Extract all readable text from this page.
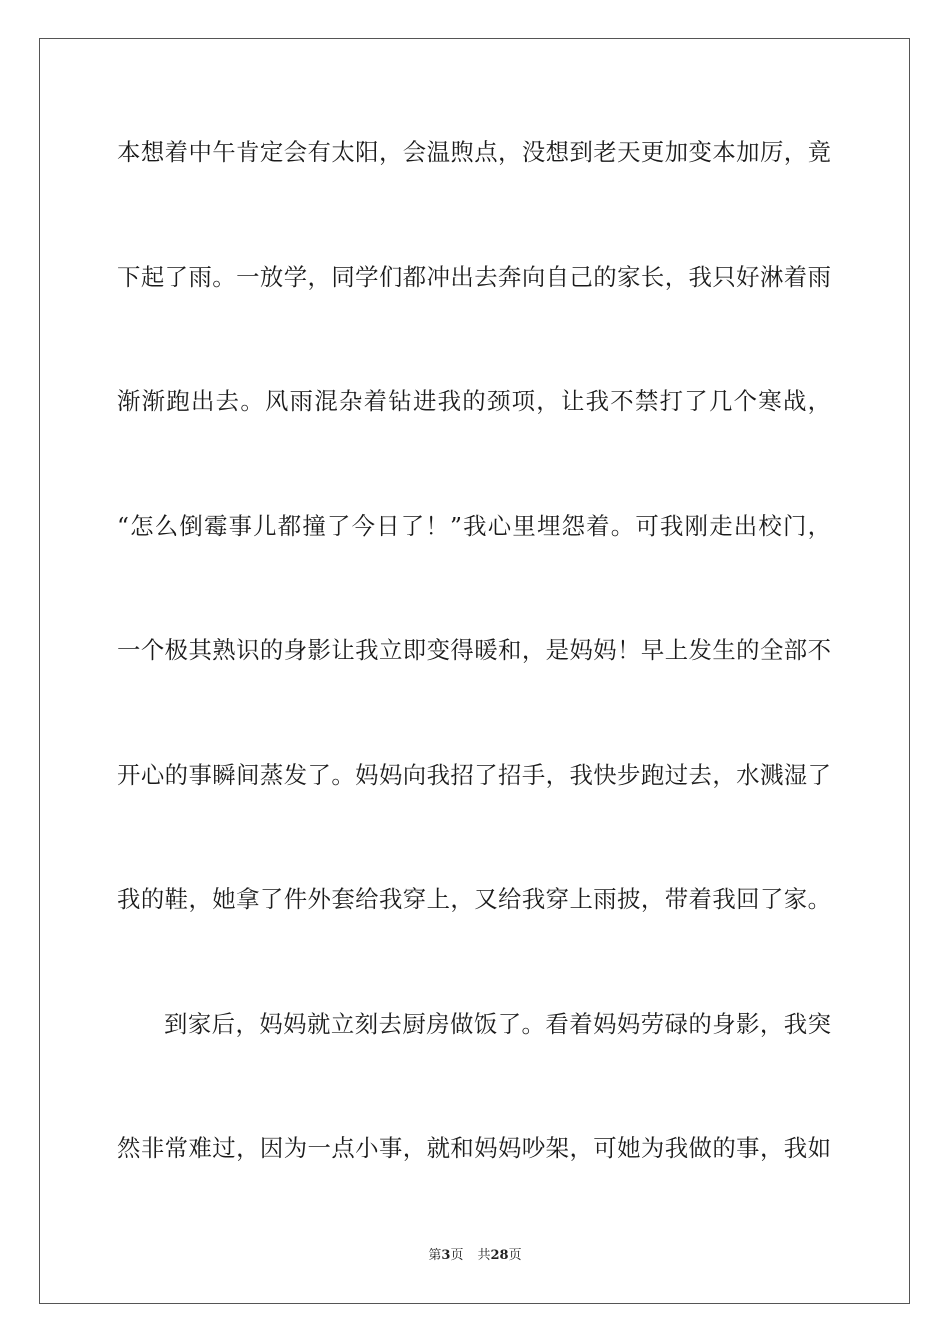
本想着中午肯定会有太阳，会温煦点，没想到老天更加变本加厉，竟
下起了雨。一放学，同学们都冲出去奔向自己的家长，我只好淋着雨
渐渐跑出去。风雨混杂着钻进我的颈项，让我不禁打了几个寒战，
“怎么倒霉事儿都撞了今日了！”我心里埋怨着。可我刚走出校门，
一个极其熟识的身影让我立即变得暖和，是妈妈！早上发生的全部不
开心的事瞬间蒸发了。妈妈向我招了招手，我快步跑过去，水溅湿了
我的鞋，她拿了件外套给我穿上，又给我穿上雨披，带着我回了家。
到家后，妈妈就立刻去厨房做饭了。看着妈妈劳碌的身影，我突
然非常难过，因为一点小事，就和妈妈吵架，可她为我做的事，我如
第3页 共28页
